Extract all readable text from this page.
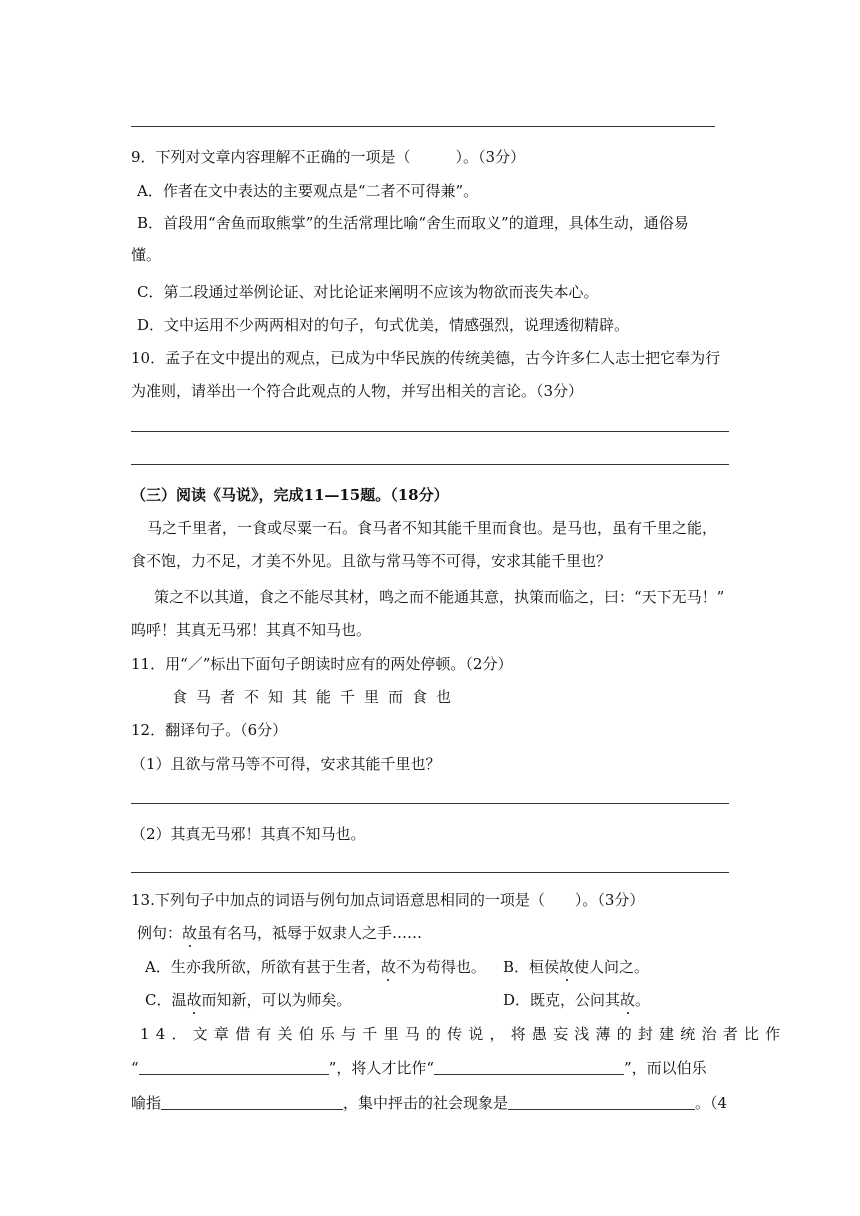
9．下列对文章内容理解不正确的一项是（　　　）。（3分）
A．作者在文中表达的主要观点是“二者不可得兼”。
B．首段用“舍鱼而取熊掌”的生活常理比喻“舍生而取义”的道理，具体生动，通俗易
懂。
C．第二段通过举例论证、对比论证来阐明不应该为物欲而丧失本心。
D．文中运用不少两两相对的句子，句式优美，情感强烈，说理透彻精辟。
10．孟子在文中提出的观点，已成为中华民族的传统美德，古今许多仁人志士把它奉为行
为准则，请举出一个符合此观点的人物，并写出相关的言论。（3分）
（三）阅读《马说》，完成11—15题。（18分）
马之千里者，一食或尽粟一石。食马者不知其能千里而食也。是马也，虽有千里之能，
食不饱，力不足，才美不外见。且欲与常马等不可得，安求其能千里也？
策之不以其道，食之不能尽其材，鸣之而不能通其意，执策而临之，曰：“天下无马！”
呜呼！其真无马邪！其真不知马也。
11．用“／”标出下面句子朗读时应有的两处停顿。（2分）
食马者不知其能千里而食也
12．翻译句子。（6分）
（1）且欲与常马等不可得，安求其能千里也？
（2）其真无马邪！其真不知马也。
13.下列句子中加点的词语与例句加点词语意思相同的一项是（　　）。（3分）
例句：故虽有名马，祗辱于奴隶人之手……
A．生亦我所欲，所欲有甚于生者，故不为苟得也。 B．桓侯故使人问之。
C．温故而知新，可以为师矣。	D．既克，公问其故。
14．文章借有关伯乐与千里马的传说，将愚妄浅薄的封建统治者比作
“	”，将人才比作“	”，而以伯乐
喻指	，集中抨击的社会现象是	。（4
